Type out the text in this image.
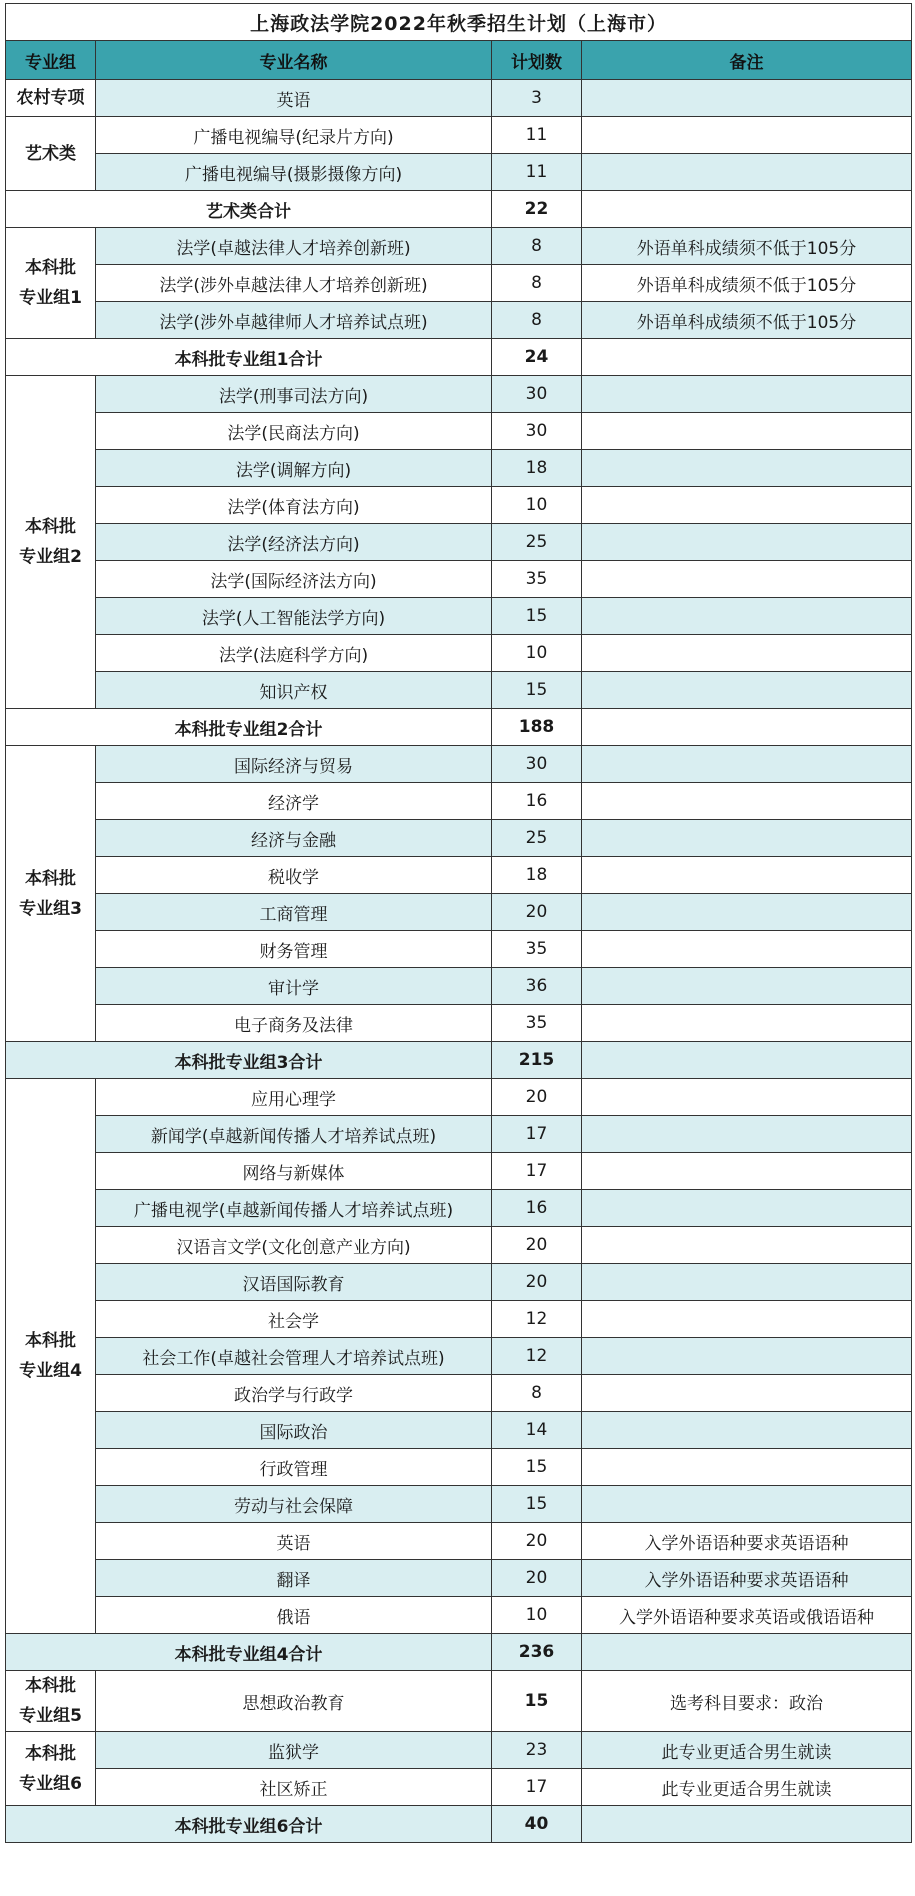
上海政法学院2022年秋季招生计划（上海市）			
专业组	专业名称	计划数	备注

农村专项	英语	3	

艺术类	广播电视编导(纪录片方向)	11	
	广播电视编导(摄影摄像方向)	11	
艺术类合计		22	

本科批
专业组1	法学(卓越法律人才培养创新班)	8	外语单科成绩须不低于105分
	法学(涉外卓越法律人才培养创新班)	8	外语单科成绩须不低于105分
	法学(涉外卓越律师人才培养试点班)	8	外语单科成绩须不低于105分
本科批专业组1合计		24	

本科批
专业组2	法学(刑事司法方向)	30	
	法学(民商法方向)	30	
	法学(调解方向)	18	
	法学(体育法方向)	10	
	法学(经济法方向)	25	
	法学(国际经济法方向)	35	
	法学(人工智能法学方向)	15	
	法学(法庭科学方向)	10	
	知识产权	15	
本科批专业组2合计		188	

本科批
专业组3	国际经济与贸易	30	
	经济学	16	
	经济与金融	25	
	税收学	18	
	工商管理	20	
	财务管理	35	
	审计学	36	
	电子商务及法律	35	
本科批专业组3合计		215	

本科批
专业组4	应用心理学	20	
	新闻学(卓越新闻传播人才培养试点班)	17	
	网络与新媒体	17	
	广播电视学(卓越新闻传播人才培养试点班)	16	
	汉语言文学(文化创意产业方向)	20	
	汉语国际教育	20	
	社会学	12	
	社会工作(卓越社会管理人才培养试点班)	12	
	政治学与行政学	8	
	国际政治	14	
	行政管理	15	
	劳动与社会保障	15	
	英语	20	入学外语语种要求英语语种
	翻译	20	入学外语语种要求英语语种
	俄语	10	入学外语语种要求英语或俄语语种
本科批专业组4合计		236	

本科批
专业组5	思想政治教育	15	选考科目要求：政治

本科批
专业组6	监狱学	23	此专业更适合男生就读
	社区矫正	17	此专业更适合男生就读
本科批专业组6合计		40	
